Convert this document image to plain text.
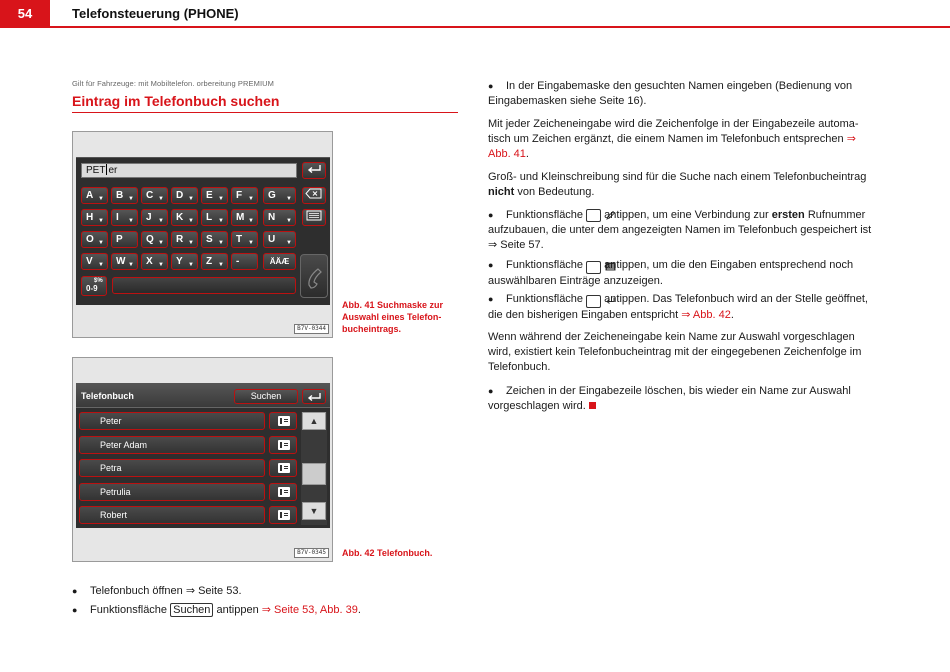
54	Telefonsteuerung (PHONE)
Gilt für Fahrzeuge: mit Mobiltelefon. orbereitung PREMIUM
Eintrag im Telefonbuch suchen
PET er
A ▼	B ▼	C ▼	D ▼	E ▼	F ▼	G ▼
H ▼	I ▼	J ▼	K ▼	L ▼	M ▼	N ▼
O ▼	P	Q ▼	R ▼	S ▼	T ▼	U ▼
V ▼	W ▼	X ▼	Y ▼	Z ▼	-	ÄÄÆ
0-9
$%
B7V-0344
Abb. 41 Suchmaske zur Auswahl eines Telefon-bucheintrags.
Telefonbuch	Suchen
Peter
Peter Adam
Petra
Petrulia
Robert
▲
▼
B7V-0345	Abb. 42 Telefonbuch.
●	In der Eingabemaske den gesuchten Namen eingeben (Bedienung von Eingabemasken siehe Seite 16).
Mit jeder Zeicheneingabe wird die Zeichenfolge in der Eingabezeile automa-tisch um Zeichen ergänzt, die einem Namen im Telefonbuch entsprechen ⇒ Abb. 41.
Groß- und Kleinschreibung sind für die Suche nach einem Telefonbucheintrag nicht von Bedeutung.
●	Funktionsfläche antippen, um eine Verbindung zur ersten Rufnummer aufzubauen, die unter dem angezeigten Namen im Telefonbuch gespeichert ist ⇒ Seite 57.
●	Funktionsfläche antippen, um die den Eingaben entsprechend noch auswählbaren Einträge anzuzeigen.
●	Funktionsfläche antippen. Das Telefonbuch wird an der Stelle geöffnet, die den bisherigen Eingaben entspricht ⇒ Abb. 42.
Wenn während der Zeicheneingabe kein Name zur Auswahl vorgeschlagen wird, existiert kein Telefonbucheintrag mit der eingegebenen Zeichenfolge im Telefonbuch.
●	Zeichen in der Eingabezeile löschen, bis wieder ein Name zur Auswahl vorgeschlagen wird.
● Telefonbuch öffnen ⇒ Seite 53.
● Funktionsfläche Suchen antippen ⇒ Seite 53, Abb. 39.
